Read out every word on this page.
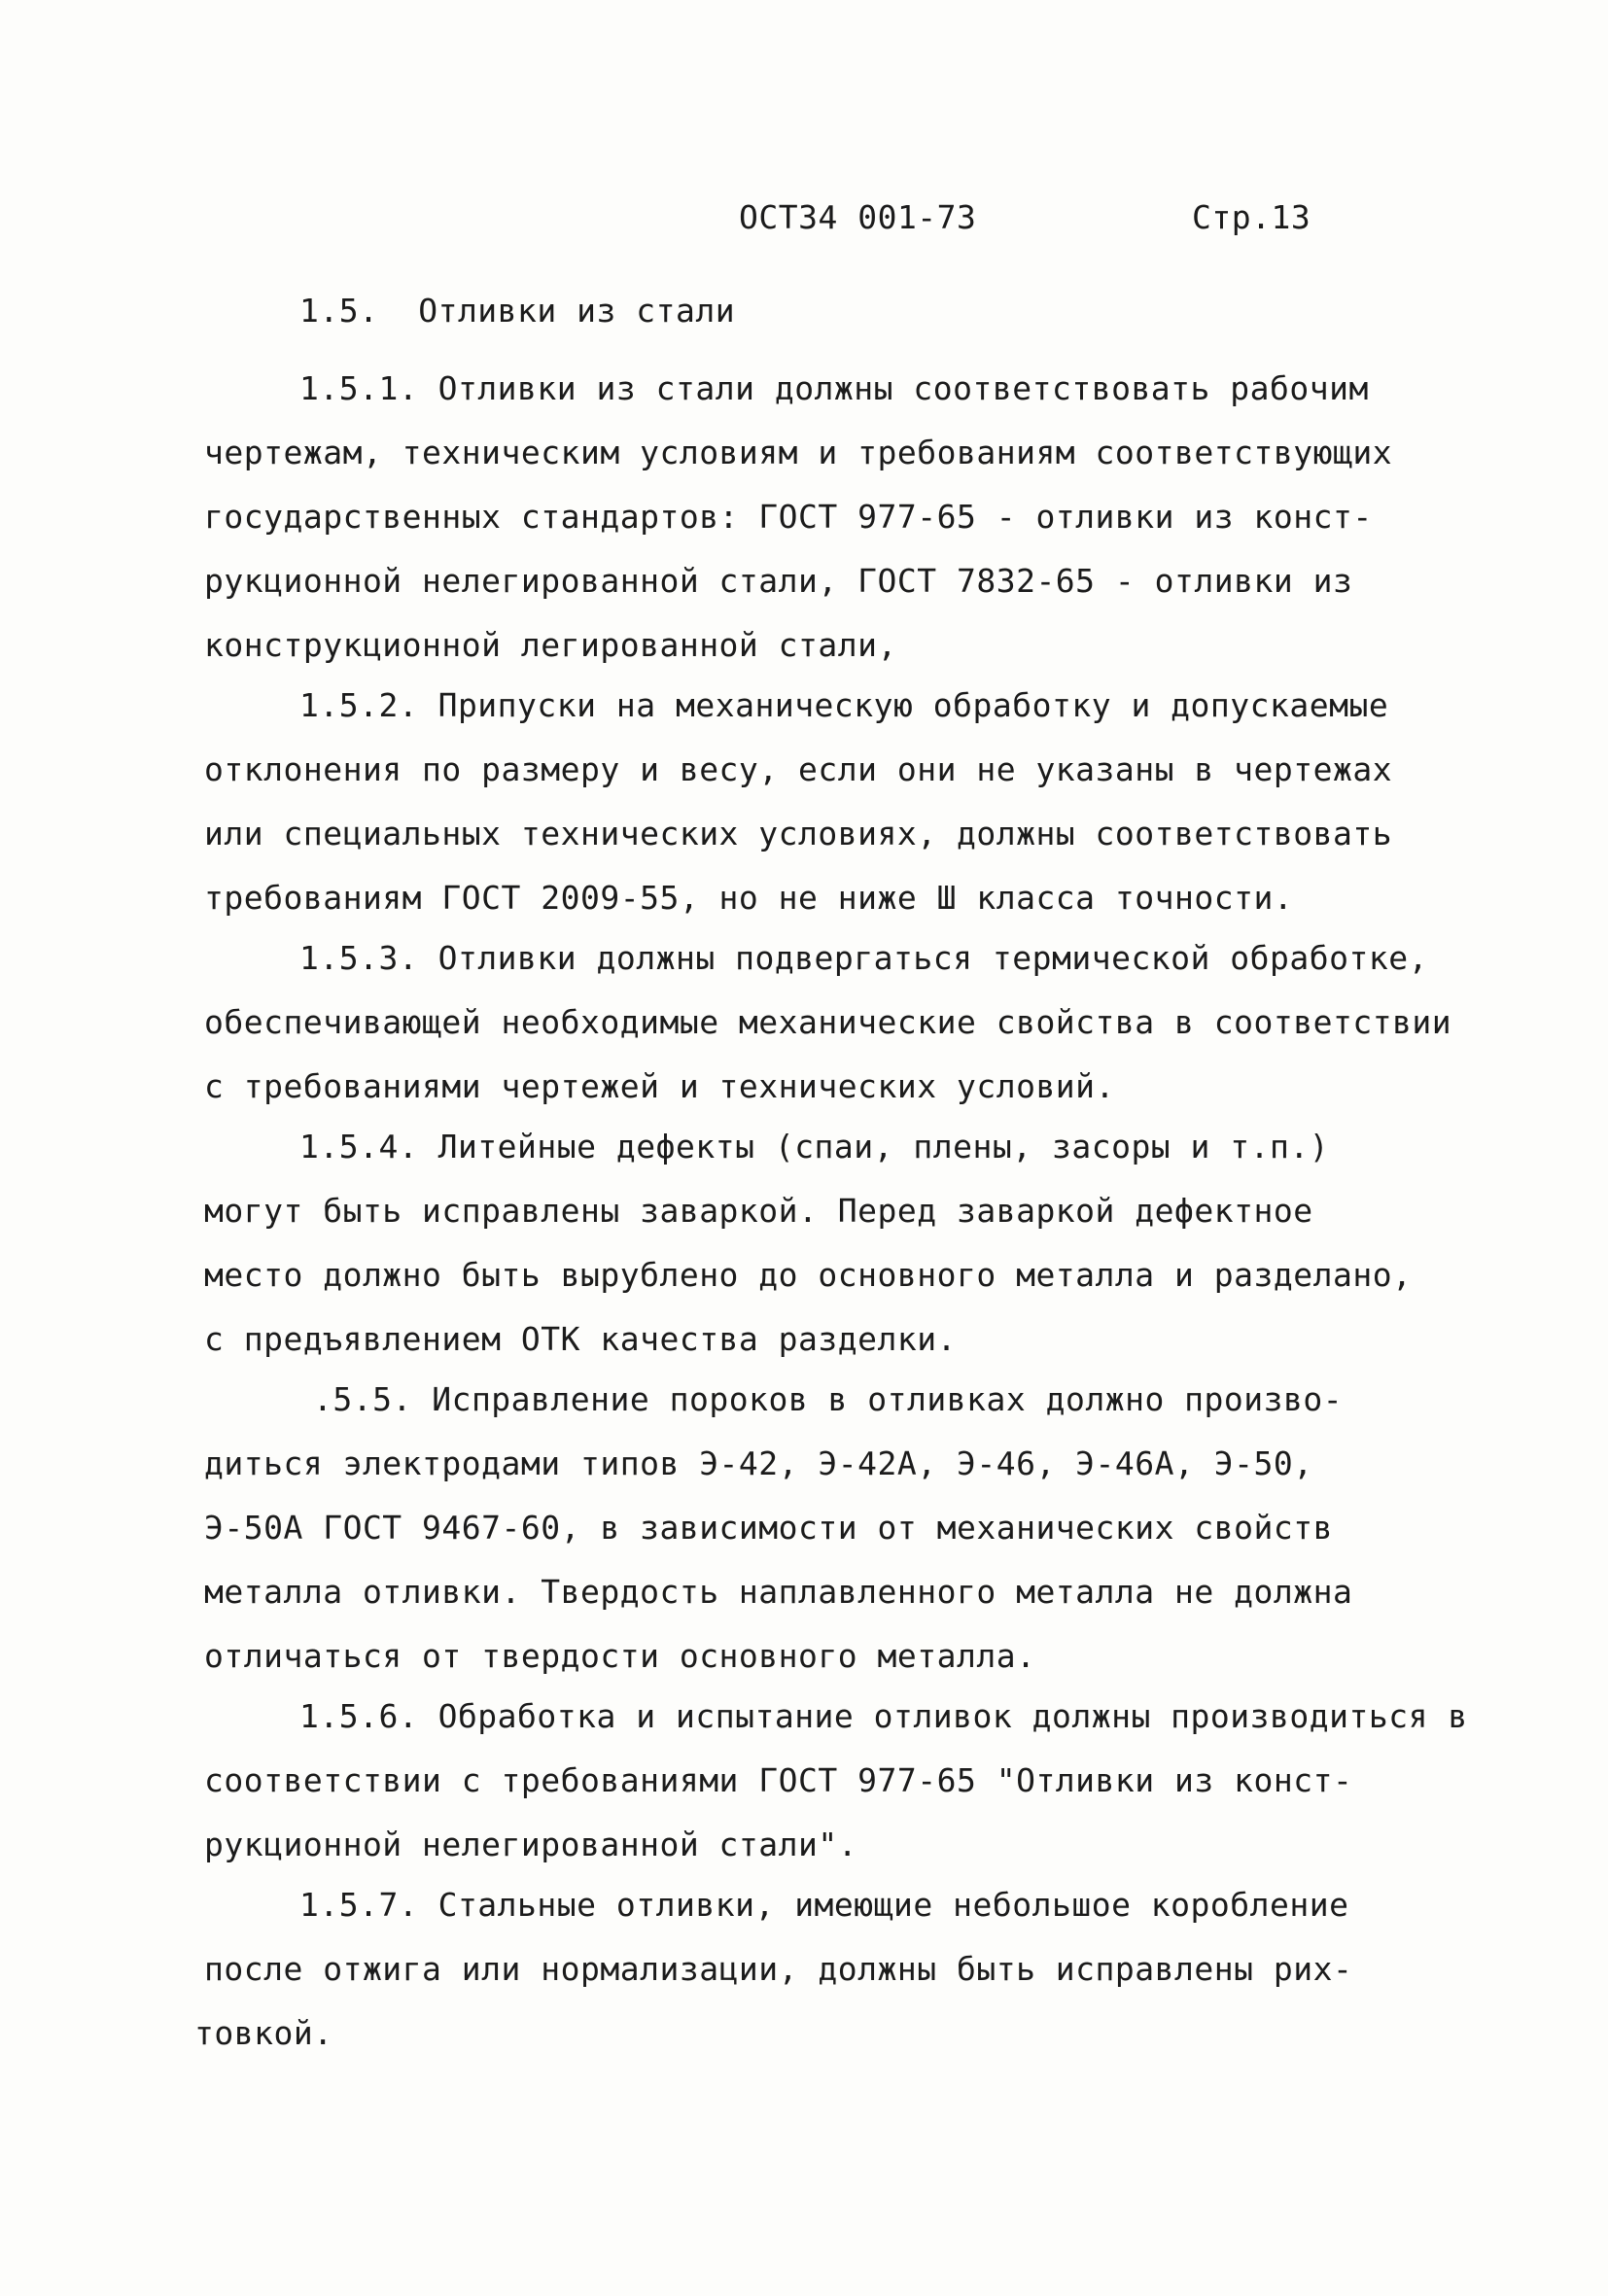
ОСТ34 001-73	Стр.13
1.5.  Отливки из стали
1.5.1. Отливки из стали должны соответствовать рабочим
чертежам, техническим условиям и требованиям соответствующих
государственных стандартов: ГОСТ 977-65 - отливки из конст-
рукционной нелегированной стали, ГОСТ 7832-65 - отливки из
конструкционной легированной стали,
1.5.2. Припуски на механическую обработку и допускаемые
отклонения по размеру и весу, если они не указаны в чертежах
или специальных технических условиях, должны соответствовать
требованиям ГОСТ 2009-55, но не ниже Ш класса точности.
1.5.3. Отливки должны подвергаться термической обработке,
обеспечивающей необходимые механические свойства в соответствии
с требованиями чертежей и технических условий.
1.5.4. Литейные дефекты (спаи, плены, засоры и т.п.)
могут быть исправлены заваркой. Перед заваркой дефектное
место должно быть вырублено до основного металла и разделано,
с предъявлением ОТК качества разделки.
.5.5. Исправление пороков в отливках должно произво-
диться электродами типов Э-42, Э-42А, Э-46, Э-46А, Э-50,
Э-50А ГОСТ 9467-60, в зависимости от механических свойств
металла отливки. Твердость наплавленного металла не должна
отличаться от твердости основного металла.
1.5.6. Обработка и испытание отливок должны производиться в
соответствии с требованиями ГОСТ 977-65 "Отливки из конст-
рукционной нелегированной стали".
1.5.7. Стальные отливки, имеющие небольшое коробление
после отжига или нормализации, должны быть исправлены рих-
товкой.
